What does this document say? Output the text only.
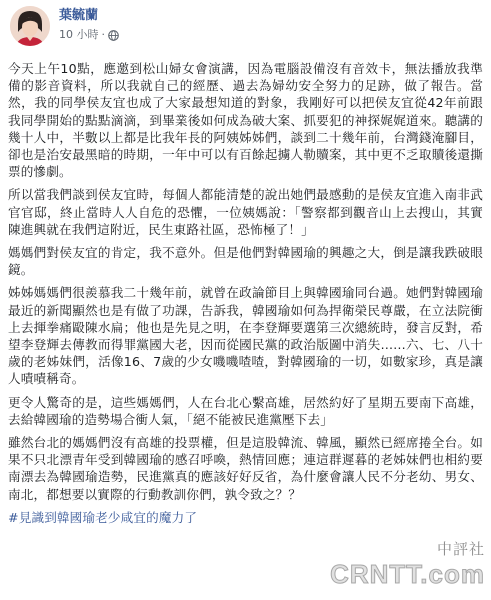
葉毓蘭
10 小時 ·

今天上午10點，應邀到松山婦女會演講，因為電腦設備沒有音效卡，無法播放我準備的影音資料，所以我就自己的經歷、過去為婦幼安全努力的足跡，做了報告。當然，我的同學侯友宜也成了大家最想知道的對象，我剛好可以把侯友宜從42年前跟我同學開始的點點滴滴，到畢業後如何成為破大案、抓要犯的神探娓娓道來。聽講的幾十人中，半數以上都是比我年長的阿姨姊姊們，談到二十幾年前，台灣錢淹腳目，卻也是治安最黑暗的時期，一年中可以有百餘起擄人勒贖案，其中更不乏取贖後還撕票的慘劇。

所以當我們談到侯友宜時，每個人都能清楚的說出她們最感動的是侯友宜進入南非武官官邸，終止當時人人自危的恐懼，一位姨媽說：「警察都到觀音山上去搜山，其實陳進興就在我們這附近，民生東路社區，恐怖極了！」

媽媽們對侯友宜的肯定，我不意外。但是他們對韓國瑜的興趣之大，倒是讓我跌破眼鏡。

姊姊媽媽們很羨慕我二十幾年前，就曾在政論節目上與韓國瑜同台過。她們對韓國瑜最近的新聞顯然也是有做了功課，告訴我，韓國瑜如何為捍衛榮民尊嚴，在立法院衝上去揮拳痛毆陳水扁；他也是先見之明，在李登輝要選第三次總統時，發言反對，希望李登輝去傳教而得罪黨國大老，因而從國民黨的政治版圖中消失……六、七、八十歲的老姊妹們，活像16、7歲的少女嘰嘰喳喳，對韓國瑜的一切，如數家珍，真是讓人嘖嘖稱奇。

更令人驚奇的是，這些媽媽們，人在台北心繫高雄，居然約好了星期五要南下高雄，去給韓國瑜的造勢場合衝人氣，「絕不能被民進黨壓下去」

雖然台北的媽媽們沒有高雄的投票權，但是這股韓流、韓風，顯然已經席捲全台。如果不只北漂青年受到韓國瑜的感召呼喚，熱情回應；連這群遲暮的老姊妹們也相約要南漂去為韓國瑜造勢，民進黨真的應該好好反省，為什麼會讓人民不分老幼、男女、南北，都想要以實際的行動教訓你們，孰令致之？？

#見識到韓國瑜老少咸宜的魔力了

中評社
CRNTT.com
